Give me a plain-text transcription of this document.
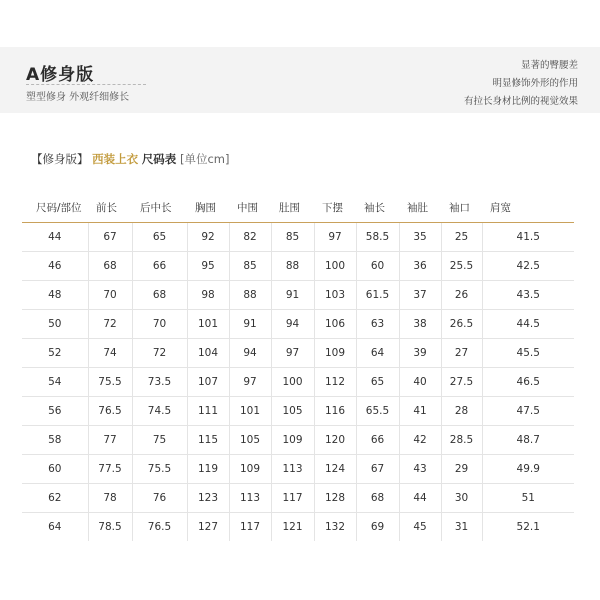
A修身版
塑型修身 外观纤细修长
显著的臀腰差
明显修饰外形的作用
有拉长身材比例的视觉效果
【修身版】 西装上衣 尺码表 [单位cm]
尺码/部位	前长	后中长	胸围	中围	肚围	下摆	袖长	袖肚	袖口	肩宽
44	67	65	92	82	85	97	58.5	35	25	41.5
46	68	66	95	85	88	100	60	36	25.5	42.5
48	70	68	98	88	91	103	61.5	37	26	43.5
50	72	70	101	91	94	106	63	38	26.5	44.5
52	74	72	104	94	97	109	64	39	27	45.5
54	75.5	73.5	107	97	100	112	65	40	27.5	46.5
56	76.5	74.5	111	101	105	116	65.5	41	28	47.5
58	77	75	115	105	109	120	66	42	28.5	48.7
60	77.5	75.5	119	109	113	124	67	43	29	49.9
62	78	76	123	113	117	128	68	44	30	51
64	78.5	76.5	127	117	121	132	69	45	31	52.1
